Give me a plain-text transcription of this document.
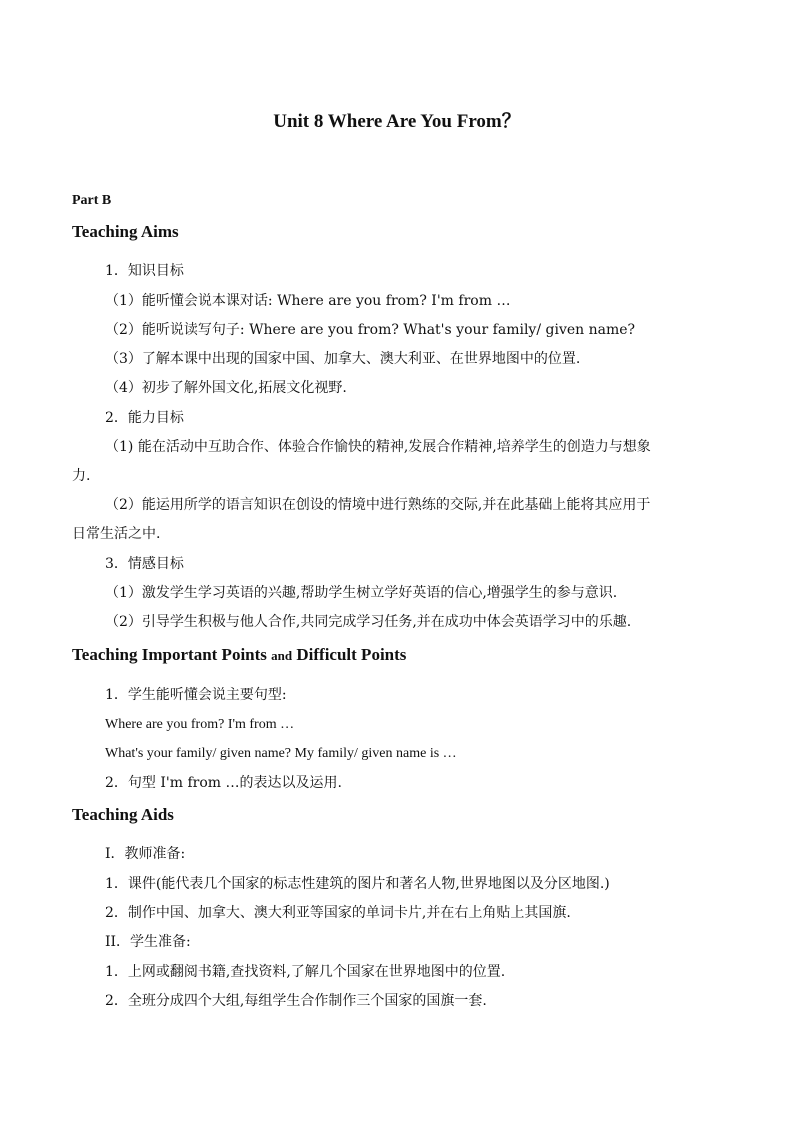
Unit 8 Where Are You From？
Part B
Teaching Aims
1．知识目标
（1）能听懂会说本课对话: Where are you from? I'm from …
（2）能听说读写句子: Where are you from? What's your family/ given name?
（3）了解本课中出现的国家中国、加拿大、澳大利亚、在世界地图中的位置.
（4）初步了解外国文化,拓展文化视野.
2．能力目标
（1) 能在活动中互助合作、体验合作愉快的精神,发展合作精神,培养学生的创造力与想象
力.
（2）能运用所学的语言知识在创设的情境中进行熟练的交际,并在此基础上能将其应用于
日常生活之中.
3．情感目标
（1）激发学生学习英语的兴趣,帮助学生树立学好英语的信心,增强学生的参与意识.
（2）引导学生积极与他人合作,共同完成学习任务,并在成功中体会英语学习中的乐趣.
Teaching Important Points and Difficult Points
1．学生能听懂会说主要句型:
Where are you from? I'm from …
What's your family/ given name? My family/ given name is …
2．句型 I'm from …的表达以及运用.
Teaching Aids
I．教师准备:
1．课件(能代表几个国家的标志性建筑的图片和著名人物,世界地图以及分区地图.)
2．制作中国、加拿大、澳大利亚等国家的单词卡片,并在右上角贴上其国旗.
II．学生准备:
1．上网或翻阅书籍,查找资料,了解几个国家在世界地图中的位置.
2．全班分成四个大组,每组学生合作制作三个国家的国旗一套.
